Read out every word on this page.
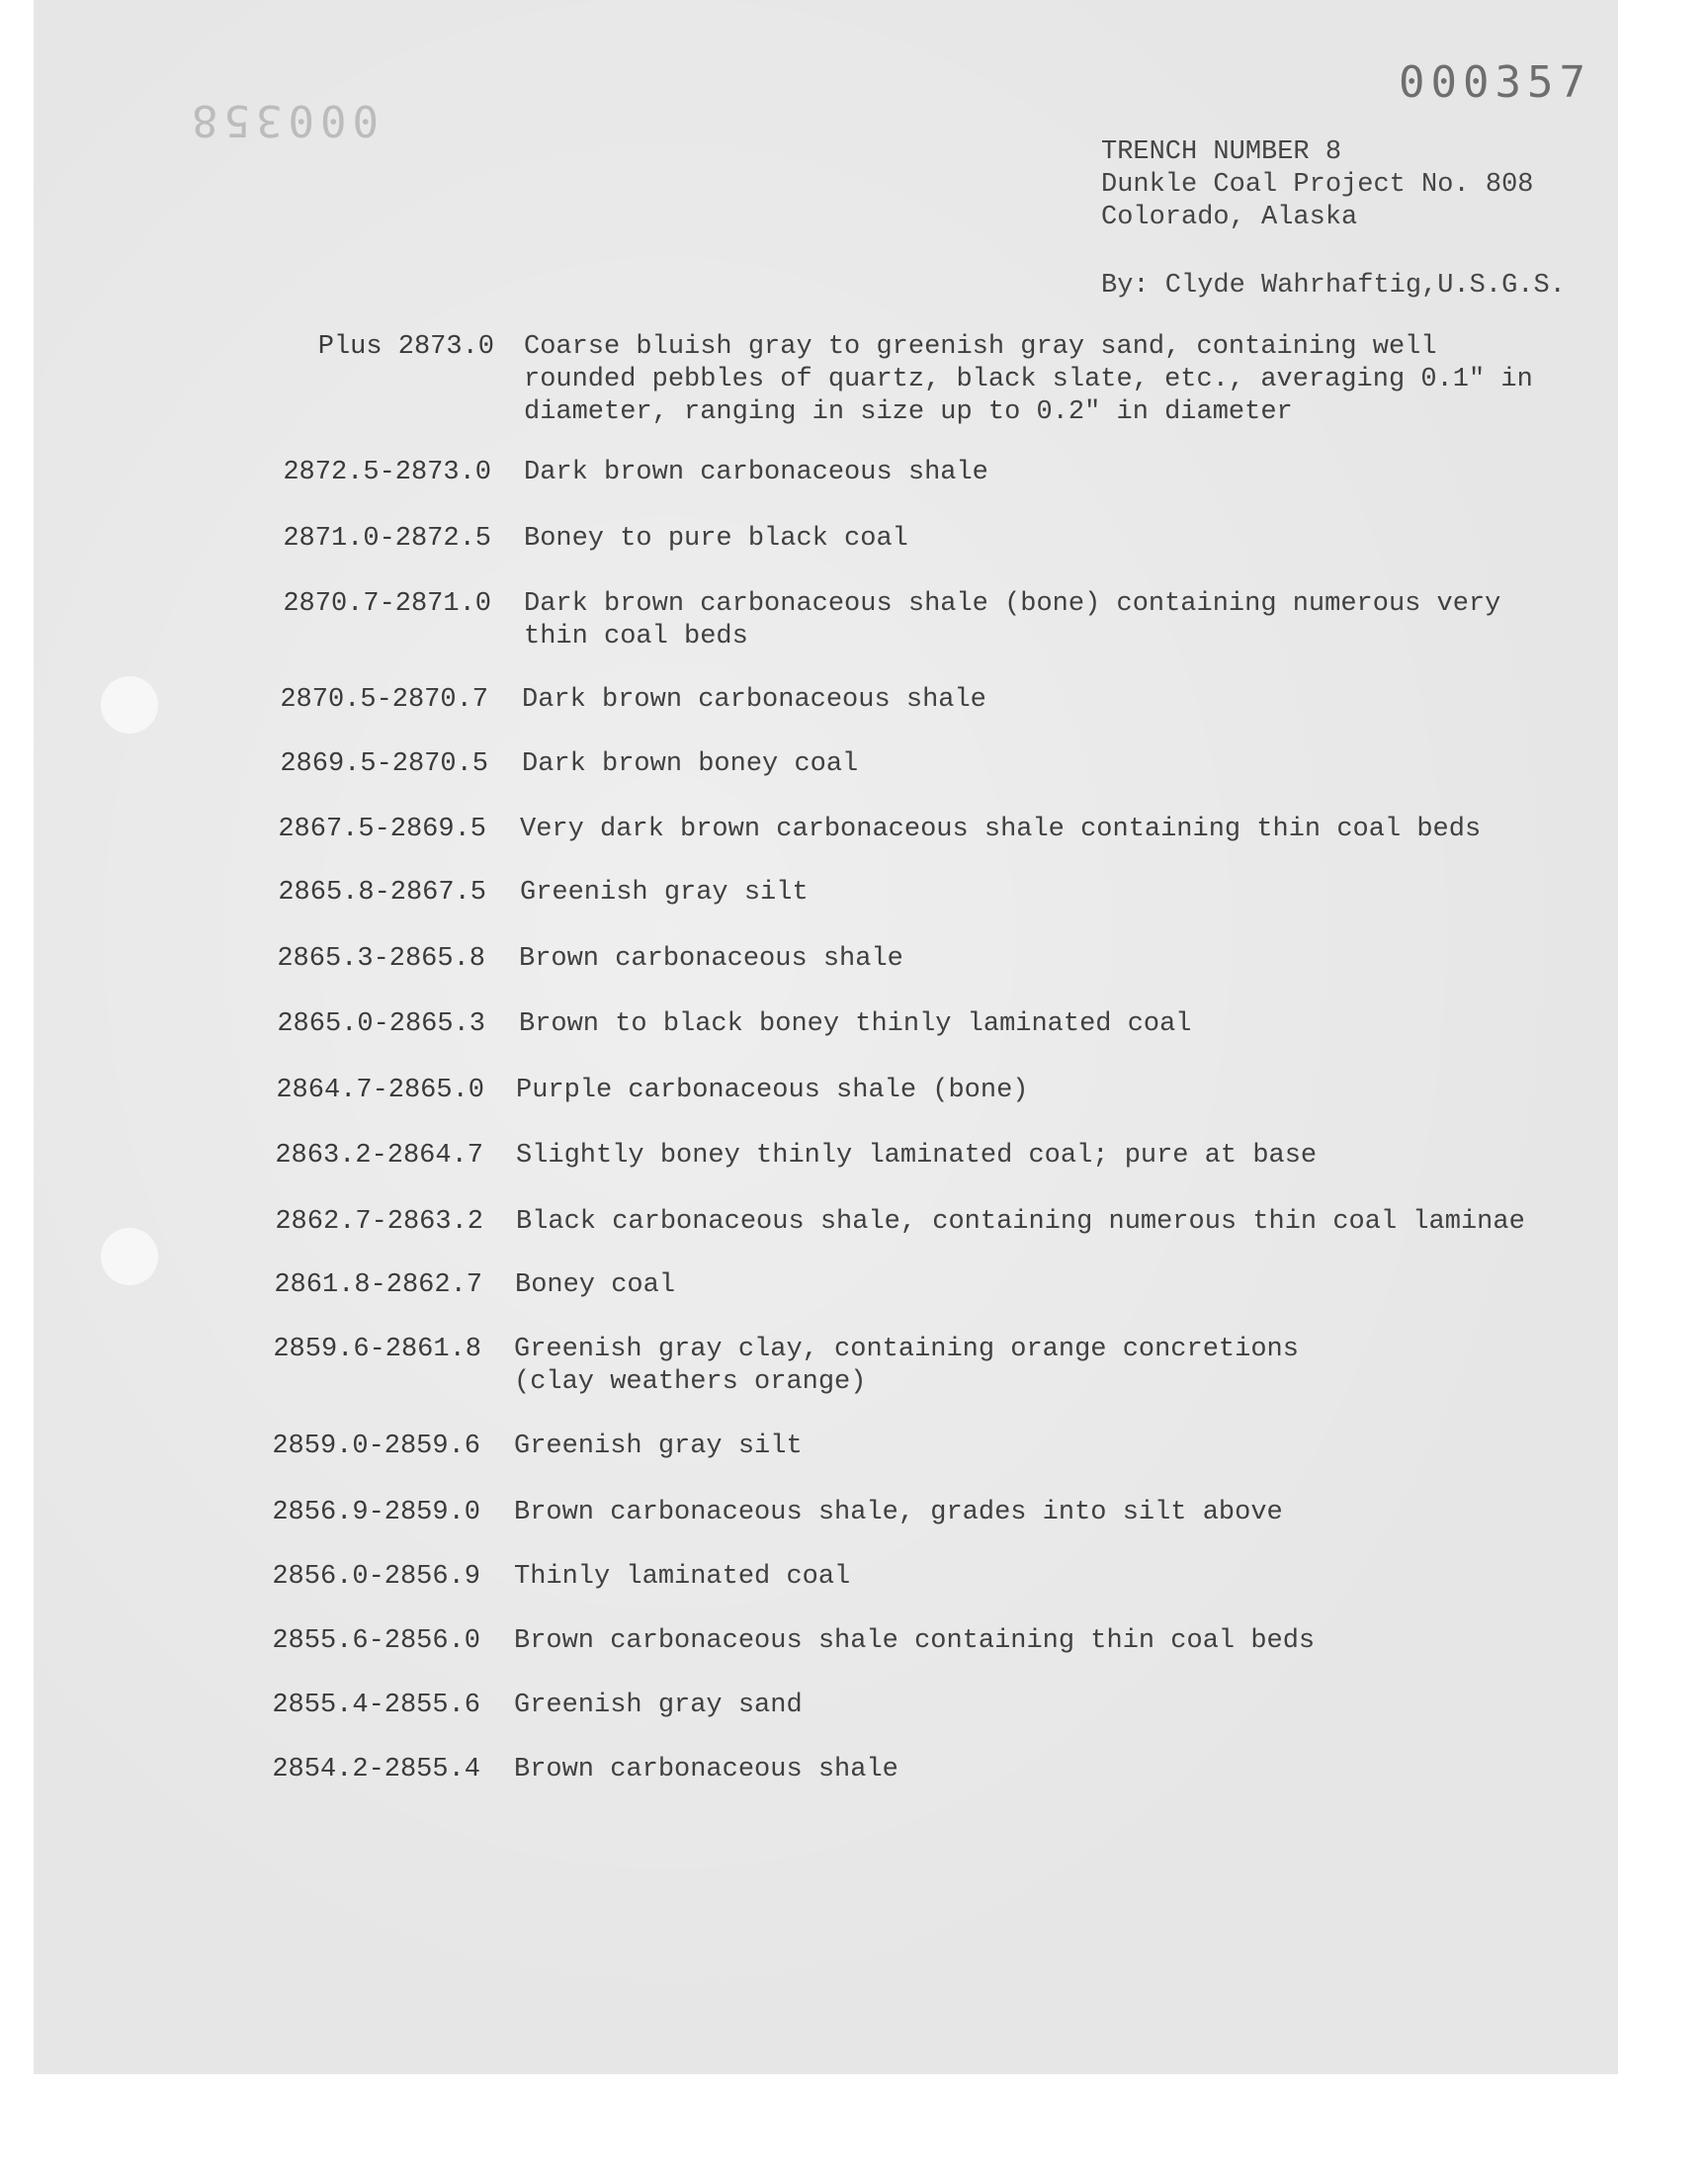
000358
000357
TRENCH NUMBER 8
Dunkle Coal Project No. 808
Colorado, Alaska
By: Clyde Wahrhaftig,U.S.G.S.
Plus 2873.0 Coarse bluish gray to greenish gray sand, containing well
rounded pebbles of quartz, black slate, etc., averaging 0.1" in
diameter, ranging in size up to 0.2" in diameter
2872.5-2873.0 Dark brown carbonaceous shale
2871.0-2872.5 Boney to pure black coal
2870.7-2871.0 Dark brown carbonaceous shale (bone) containing numerous very
thin coal beds
2870.5-2870.7 Dark brown carbonaceous shale
2869.5-2870.5 Dark brown boney coal
2867.5-2869.5 Very dark brown carbonaceous shale containing thin coal beds
2865.8-2867.5 Greenish gray silt
2865.3-2865.8 Brown carbonaceous shale
2865.0-2865.3 Brown to black boney thinly laminated coal
2864.7-2865.0 Purple carbonaceous shale (bone)
2863.2-2864.7 Slightly boney thinly laminated coal; pure at base
2862.7-2863.2 Black carbonaceous shale, containing numerous thin coal laminae
2861.8-2862.7 Boney coal
2859.6-2861.8 Greenish gray clay, containing orange concretions
(clay weathers orange)
2859.0-2859.6 Greenish gray silt
2856.9-2859.0 Brown carbonaceous shale, grades into silt above
2856.0-2856.9 Thinly laminated coal
2855.6-2856.0 Brown carbonaceous shale containing thin coal beds
2855.4-2855.6 Greenish gray sand
2854.2-2855.4 Brown carbonaceous shale
